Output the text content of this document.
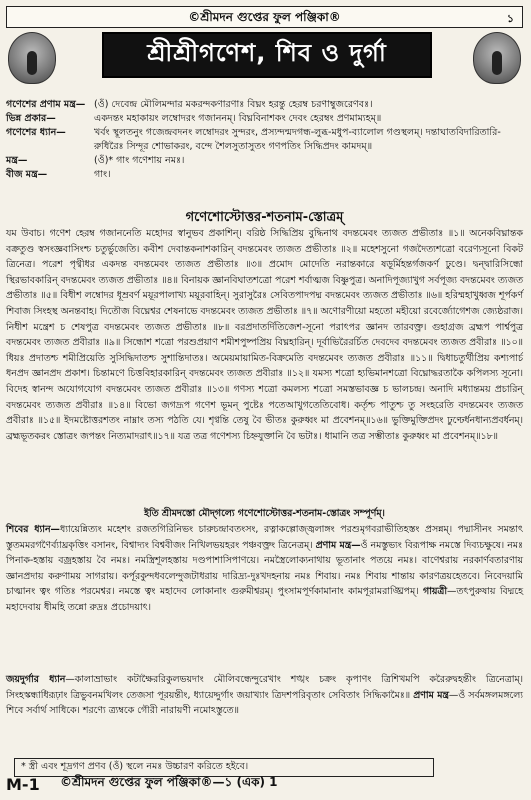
©শ্রীমদন গুপ্তের ফুল পঞ্জিকা®	১
শ্রীশ্রীগণেশ, শিব ও দুর্গা
গণেশের প্রণাম মন্ত্র— (ওঁ) দেবেন্দ্র মৌলিমন্দার মকরন্দকণারণাঃ বিঘ্নং হরন্তু হেরম্ব চরণাম্বুজরেণবঃ।
ভিন্ন প্রকার—	একদন্তং মহাকায়ং লম্বোদরং গজাননম্। বিঘ্নবিনাশকং দেবং হেরম্বং প্রণমাম্যহম্॥
গণেশের ধ্যান—	খর্বং স্থূলতনুং গজেন্দ্রবদনং লম্বোদরং সুন্দরং, প্রস্যন্দন্মদগন্ধ-লুব্ধ-মধুপ-ব্যালোল গণ্ডস্থলম্। দন্তাঘাতবিদারিতারি-রুধিরৈঃ সিন্দূর শোভাকরং, বন্দে শৈলসুতাসুতং গণপতিং সিদ্ধিপ্রদং কামদম্॥
মন্ত্র—	(ওঁ)* গাং গণেশায় নমঃ।
বীজ মন্ত্র—	গাং।
গণেশোস্টোত্তর-শতনাম-স্তোত্রম্
যম উবাচ। গণেশ হেরম্ব গজাননেতি মহোদর স্বানুভব প্রকাশিন্। বরিষ্ঠ সিদ্ধিপ্রিয় বুদ্ধিনাথ বদন্তমেবং ত্যজত প্রভীতাঃ ॥১॥ অনেকবিঘ্নান্তক বক্রতুণ্ড স্বসংজ্ঞবাসিংশ্চ চতুর্ভুজেতি। কবীশ দেবান্তকনাশকারিন্ বদন্তমেবং ত্যজত প্রভীতাঃ ॥২॥ মহেশসুনো গজদৈত্যশত্রো বরেণ্যসূনো বিকট ত্রিনেত্র। পরেশ পৃথ্বীধর একদন্ত বদন্তমেবং ত্যজত প্রভীতাঃ ॥৩॥ প্রমোদ মোদেতি নরান্তকারে ষড়ূর্মিহন্তর্গজকর্ণ ঢুণ্ডে। দ্বন্দ্বারিসিন্ধো স্থিরভাবকারিন্ বদন্তমেবং ত্যজত প্রভীতাঃ ॥৪॥ বিনায়ক জ্ঞানবিঘাতশত্রো পরেশ শর্বাত্মজ বিষ্ণুপুত্র। অনাদিপূজ্যাখুগ সর্বপূজ্য বদন্তমেবং ত্যজত প্রভীতাঃ ॥৫॥ বিধীশ লম্বোদর ধূম্রবর্ণ ময়ূরপালাখ্য ময়ূরবাহিন্। সুরাসুরৈঃ সেবিতপাদপদ্ম বদন্তমেবং ত্যজত প্রভীতাঃ ॥৬॥ হরিম্মহাখুধ্বজ শূর্পকর্ণ শিবাজ সিংহস্থ অনন্তবাহ। দিতৌজ বিঘ্নেশ্বর শেষনাভে বদন্তমেবং ত্যজত প্রভীতাঃ ॥৭॥ অণোরণীয়ো মহতো মহীয়ো রবের্জ্যোগেশজ জ্যেষ্ঠরাজ। নিধীশ মন্ত্রেশ চ শেষপুত্র বদন্তমেবং ত্যজত প্রভীতাঃ ॥৮॥ বরপ্রদাতর্দিতিজেশ-সূনো পরাৎপর জ্ঞানদ তারবক্ত্র। গুহাগ্রজ ব্রহ্মপ পার্শ্বপুত্র বদন্তমেবং ত্যজত প্রবীরাঃ ॥৯॥ সিন্ধোশ শত্রো পরশুপ্রয়াণ শমীশপুষ্পপ্রিয় বিঘ্নহারিন্। দূর্বাভিরৈরর্চিত দেবদেব বদন্তমেবং ত্যজত প্রবীরাঃ ॥১০॥ ধিয়ঃ প্রদাতশ্চ শমীপ্রিয়েতি সুসিদ্ধিদাতশ্চ সুশান্তিদাতঃ। অমেয়মায়ামিত-বিক্রমেতি বদন্তমেবং ত্যজত প্রবীরাঃ ॥১১॥ দ্বিধাচতুর্থীপ্রিয় কশ্যপার্চ ধনপ্রদ জ্ঞানপ্রদ প্রকাশ। চিন্তামণে চিত্তবিহারকারিন্ বদন্তমেবং ত্যজত প্রবীরাঃ ॥১২॥ যমস্য শত্রো হ্যভিমানশত্রো বিঘ্নোদ্ধরতাকৈ কপিলস্য সূনো। বিদেহ স্বানন্দ অযোগযোগ বদন্তমেবং ত্যজত প্রবীরাঃ ॥১৩॥ গণস্য শত্রো কমলস্য শত্রো সমস্তভাবজ্ঞ চ ভালচন্দ্র। অনাদি মধ্যান্তময় প্রচারিন্ বদন্তমেবং ত্যজত প্রবীরাঃ ॥১৪॥ বিভো জগদ্রূপ গণেশ ভূমন্ পুষ্টেঃ পতেআখুগতেতিবোধ। কর্তৃশ্চ পাতুশ্চ তু সংহরেতি বদন্তমেবং ত্যজত প্রবীরাঃ ॥১৫॥ ইদমষ্টোত্তরশতং নাম্নাং তস্য পঠতি যে। শৃণ্বন্তি তেষু বৈ ভীতঃ কুরুধ্বং মা প্রবেশনম্॥১৬॥ ভুক্তিমুক্তিপ্রদং ঢুণ্ঢের্ধনধান্যপ্রবর্ধনম্। ব্রহ্মভূতকরং স্তোত্রং জপন্তং নিত্যমাদরাৎ॥১৭॥ যত্র তত্র গণেশস্য চিহ্নযুক্তানি বৈ ভটাঃ। ধামানি তত্র সম্ভীতাঃ কুরুধ্বং মা প্রবেশনম্॥১৮॥
ইতি শ্রীমদস্তো মৌদ্‌গল্যে গণেশোস্টোত্তর-শতনাম-স্তোত্রং সম্পূর্ণম্।
শিবের ধ্যান—ধ্যায়েন্নিত্যং মহেশং রজতগিরিনিভং চারুচন্দ্রাবতংসং, রত্নাকল্পোজ্জ্বলাঙ্গং পরশুমৃগবরাভীতিহস্তং প্রসন্নম্। পদ্মাসীনং সমন্তাৎ স্তুতমমরগণৈর্ব্যাঘ্রকৃত্তিং বসানং, বিশ্বাদ্যং বিশ্ববীজং নিখিলভয়হরং পঞ্চবক্ত্রং ত্রিনেত্রম্। প্রণাম মন্ত্র—ওঁ নমস্তুভ্যং বিরূপাক্ষ নমস্তে দিব্যচক্ষুষে। নমঃ পিনাক-হস্তায় বজ্রহস্তায় বৈ নমঃ। নমস্ত্রিশূলহস্তায় দণ্ডপাশাসিপাণয়ে। নমস্ত্রৈলোক্যনাথায় ভূতানাং পতয়ে নমঃ। বাণেশ্বরায় নরকার্ণবতারণায় জ্ঞানপ্রদায় করুণাময় সাগরায়। কর্পূরকুন্দধবলেন্দুজটাধরায় দারিদ্র্য-দুঃখদহনায় নমঃ শিবায়। নমঃ শিবায় শান্তায় কারণত্রয়হেতবে। নিবেদয়ামি চাত্মানং ত্বং গতিঃ পরমেশ্বর। নমস্তে ত্বং মহাদেব লোকানাং গুরুমীশ্বরম্। পুংসামপূর্ণকামানাং কামপূরামরাঙ্ঘ্রিপম্। গায়ত্রী—তৎপুরুষায় বিদ্মহে মহাদেবায় ধীমহি তন্নো রুদ্রঃ প্রচোদয়াৎ।
জয়দুর্গার ধ্যান—কালাভ্রাভাং কটাক্ষৈররিকুলভয়দাং মৌলিবন্ধেন্দুরেখাং শঙ্খং চক্রং কৃপাণং ত্রিশিখমপি করৈরুদ্বহন্তীং ত্রিনেত্রাম্। সিংহস্কন্ধাধিরূঢ়াং ত্রিভুবনমখিলং তেজসা পূরয়ন্তীং, ধ্যায়েদ্দুর্গাং জয়াখ্যাং ত্রিদশপরিবৃতাং সেবিতাং সিদ্ধিকামৈঃ॥ প্রণাম মন্ত্র—ওঁ সর্বমঙ্গলমঙ্গল্যে শিবে সর্বার্থ সাধিকে। শরণ্যে ত্র্যম্বকে গৌরী নারায়ণী নমোঽস্তুতে॥
* স্ত্রী এবং শূদ্রগণ প্রণব (ওঁ) স্থলে নমঃ উচ্চারণ করিতে হইবে।
M-1	©শ্রীমদন গুপ্তের ফুল পঞ্জিকা®—১ (এক) 1
